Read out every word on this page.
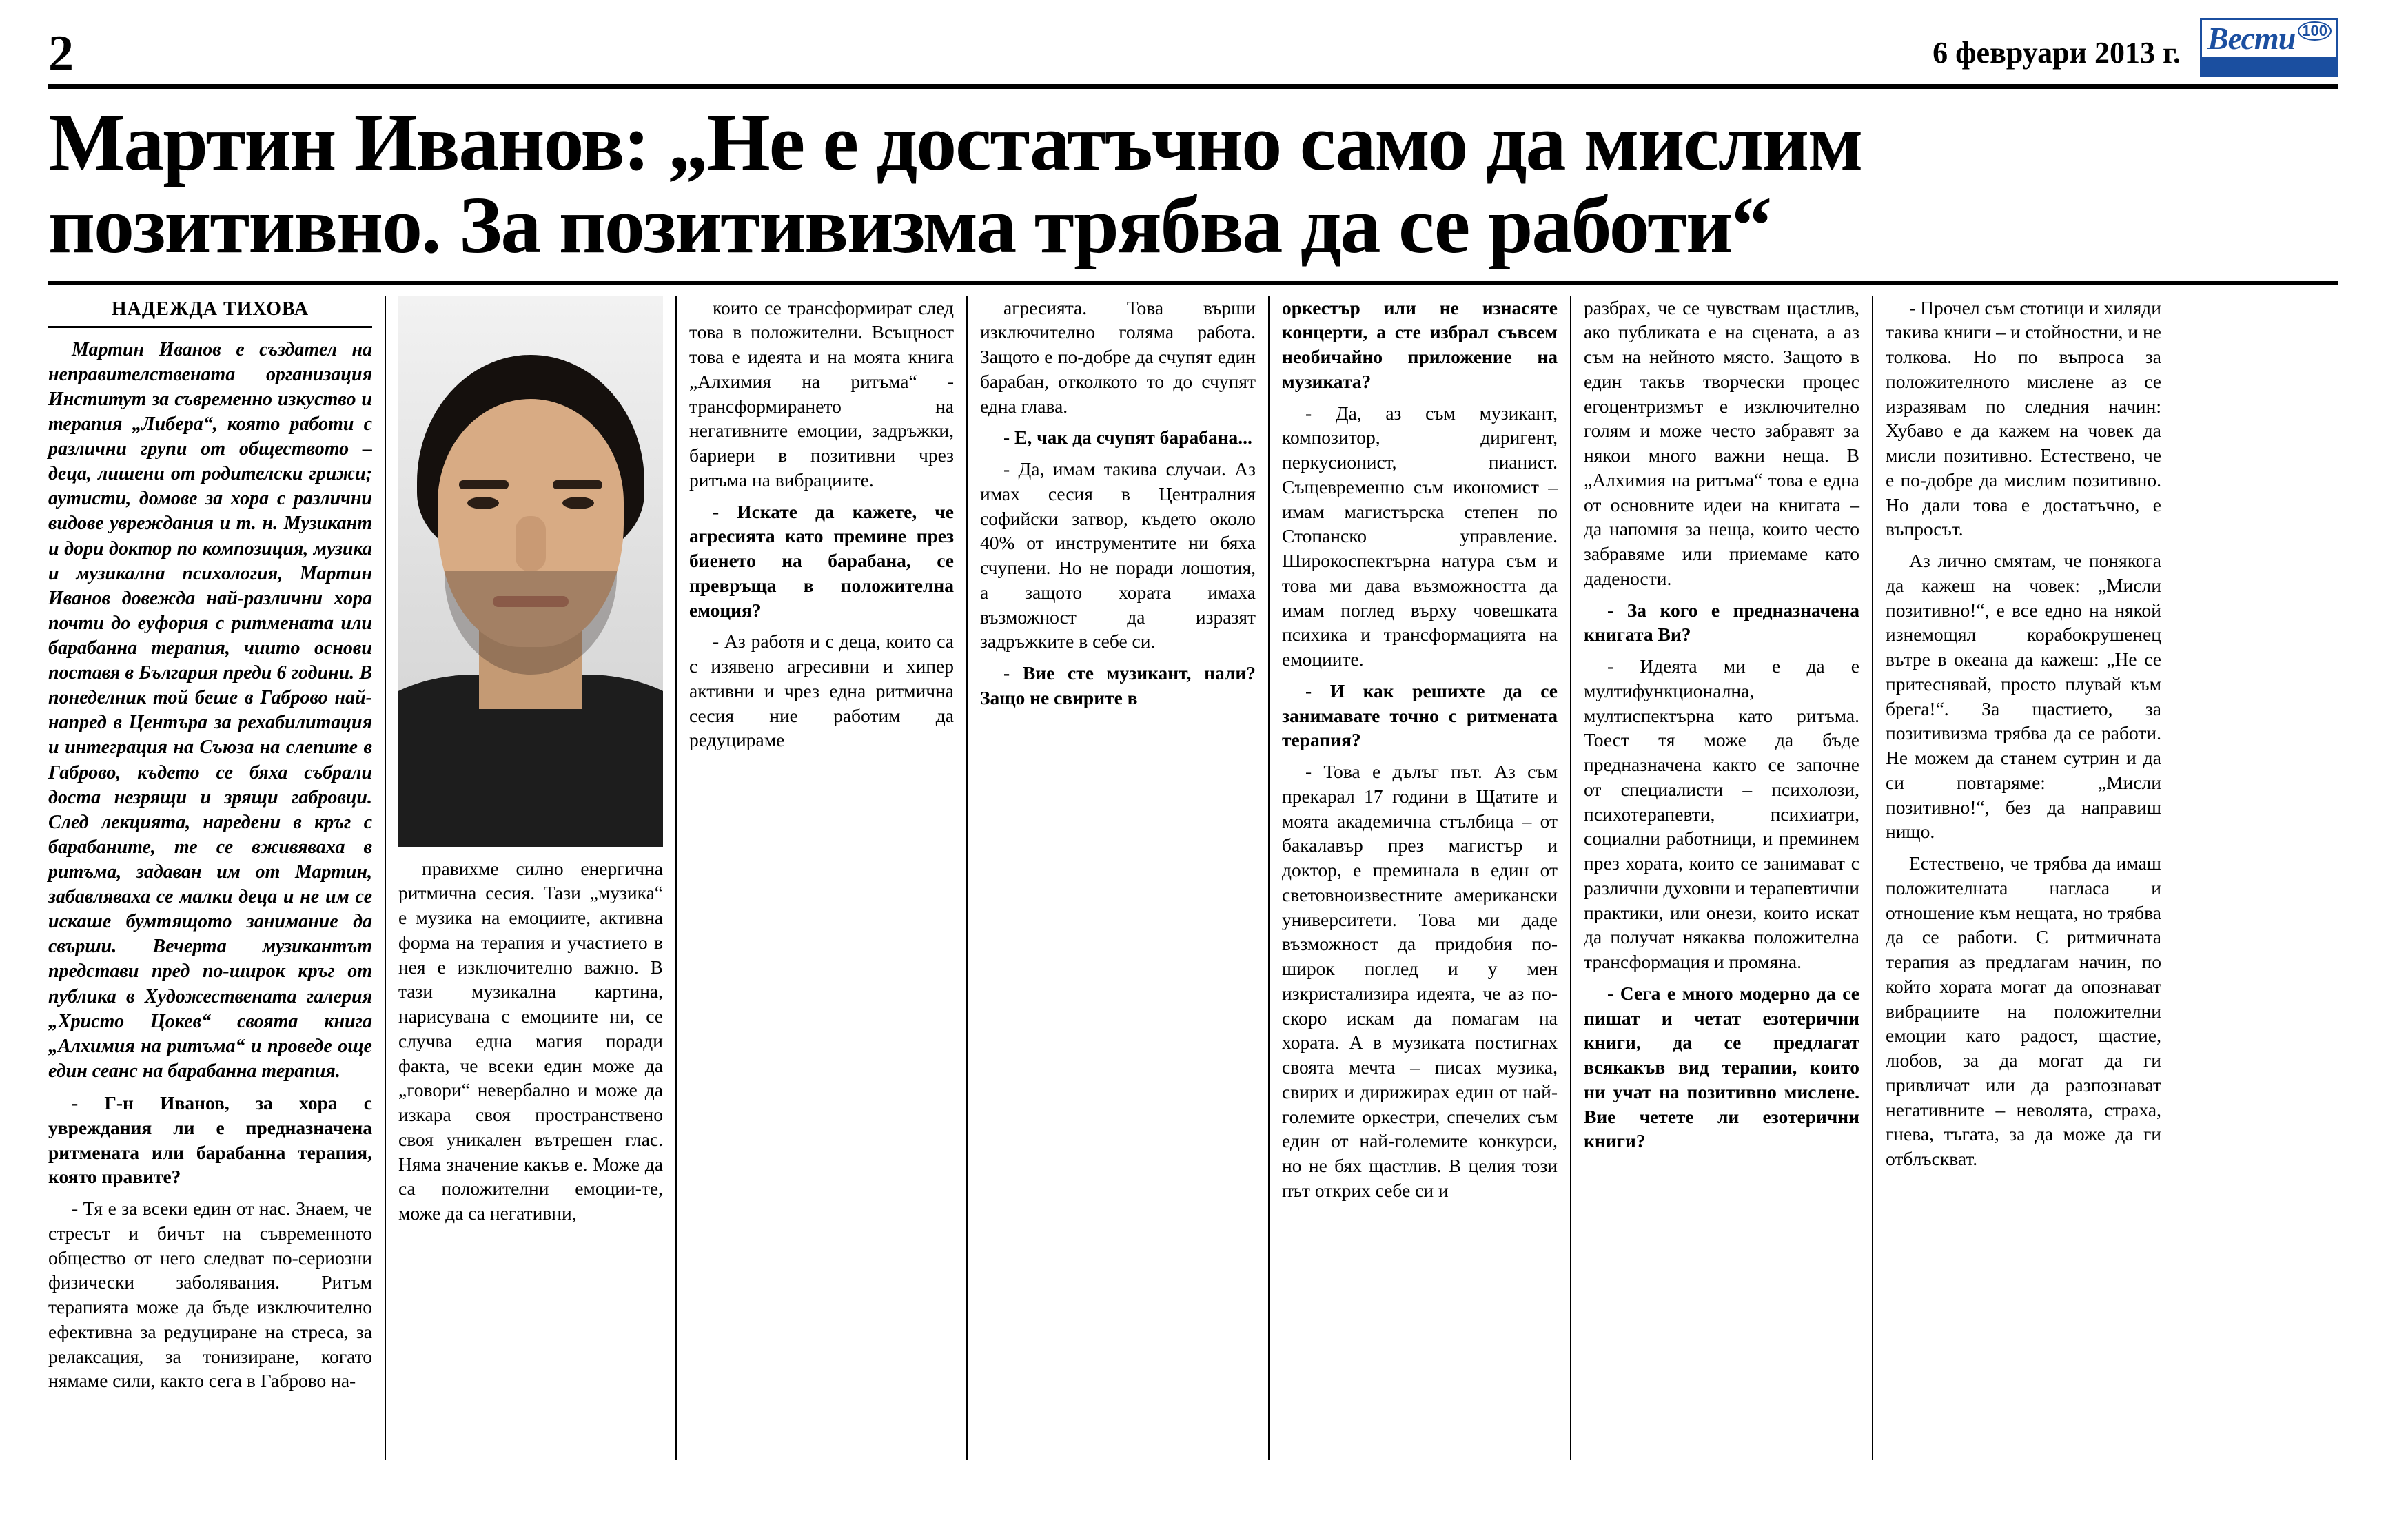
2	6 февруари 2013 г. Вести 100
Мартин Иванов: „Не е достатъчно само да мислим
позитивно. За позитивизма трябва да се работи“
НАДЕЖДА ТИХОВА

Мартин Иванов е създател на неправителствената организация Институт за съвременно изкуство и терапия „Либера“, която работи с различни групи от обществото – деца, лишени от родителски грижи; аутисти, домове за хора с различни видове увреждания и т. н. Музикант и дори доктор по композиция, музика и музикална психология, Мартин Иванов довежда най-различни хора почти до еуфория с ритмената или барабанна терапия, чиито основи поставя в България преди 6 години. В понеделник той беше в Габрово най-напред в Центъра за рехабилитация и интеграция на Съюза на слепите в Габрово, където се бяха събрали доста незрящи и зрящи габровци. След лекцията, наредени в кръг с барабаните, те се вживяваха в ритъма, задаван им от Мартин, забавляваха се малки деца и не им се искаше бумтящото занимание да свърши. Вечерта музикантът представи пред по-широк кръг от публика в Художествената галерия „Христо Цокев“ своята книга „Алхимия на ритъма“ и проведе още един сеанс на барабанна терапия.

- Г-н Иванов, за хора с увреждания ли е предназначена ритмената или барабанна терапия, която правите?

- Тя е за всеки един от нас. Знаем, че стресът и бичът на съвременното общество от него следват по-сериозни физически заболявания. Ритъм терапията може да бъде изключително ефективна за редуциране на стреса, за релаксация, за тонизиране, когато нямаме сили, както сега в Габрово на-

правихме силно енергична ритмична сесия. Тази „музика“ е музика на емоциите, активна форма на терапия и участието в нея е изключително важно. В тази музикална картина, нарисувана с емоциите ни, се случва една магия поради факта, че всеки един може да „говори“ невербално и може да изкара своя пространствено своя уникален вътрешен глас. Няма значение какъв е. Може да са положителни емоции-те, може да са негативни,

които се трансформират след това в положителни. Всъщност това е идеята и на моята книга „Алхимия на ритъма“ - трансформирането на негативните емоции, задръжки, бариери в позитивни чрез ритъма на вибрациите.

- Искате да кажете, че агресията като премине през биенето на барабана, се превръща в положителна емоция?

- Аз работя и с деца, които са с изявено агресивни и хипер активни и чрез една ритмична сесия ние работим да редуцираме

агресията. Това върши изключително голяма работа. Защото е по-добре да счупят един барабан, отколкото то до счупят една глава.

- Е, чак да счупят барабана...

- Да, имам такива случаи. Аз имах сесия в Централния софийски затвор, където около 40% от инструментите ни бяха счупени. Но не поради лошотия, а защото хората имаха възможност да изразят задръжките в себе си.

- Вие сте музикант, нали? Защо не свирите в

оркестър или не изнасяте концерти, а сте избрал съвсем необичайно приложение на музиката?

- Да, аз съм музикант, композитор, диригент, перкусионист, пианист. Същевременно съм икономист – имам магистърска степен по Стопанско управление. Широкоспектърна натура съм и това ми дава възможността да имам поглед върху човешката психика и трансформацията на емоциите.

- И как решихте да се занимавате точно с ритмената терапия?

- Това е дълъг път. Аз съм прекарал 17 години в Щатите и моята академична стълбица – от бакалавър през магистър и доктор, е преминала в един от световноизвестните американски университети. Това ми даде възможност да придобия по-широк поглед и у мен изкристализира идеята, че аз по-скоро искам да помагам на хората. А в музиката постигнах своята мечта – писах музика, свирих и дирижирах един от най-големите оркестри, спечелих съм един от най-големите конкурси, но не бях щастлив. В целия този път открих себе си и

разбрах, че се чувствам щастлив, ако публиката е на сцената, а аз съм на нейното място. Защото в един такъв творчески процес егоцентризмът е изключително голям и може често забравят за някои много важни неща. В „Алхимия на ритъма“ това е една от основните идеи на книгата – да напомня за неща, които често забравяме или приемаме като дадености.

- За кого е предназначена книгата Ви?

- Идеята ми е да е мултифункционална, мултиспектърна като ритъма. Тоест тя може да бъде предназначена както се започне от специалисти – психолози, психотерапевти, психиатри, социални работници, и преминем през хората, които се занимават с различни духовни и терапевтични практики, или онези, които искат да получат някаква положителна трансформация и промяна.

- Сега е много модерно да се пишат и четат езотерични книги, да се предлагат всякакъв вид терапии, които ни учат на позитивно мислене. Вие четете ли езотерични книги?

- Прочел съм стотици и хиляди такива книги – и стойностни, и не толкова. Но по въпроса за положителното мислене аз се изразявам по следния начин: Хубаво е да кажем на човек да мисли позитивно. Естествено, че е по-добре да мислим позитивно. Но дали това е достатъчно, е въпросът.

Аз лично смятам, че понякога да кажеш на човек: „Мисли позитивно!“, е все едно на някой изнемощял корабокрушенец вътре в океана да кажеш: „Не се притеснявай, просто плувай към брега!“. За щастието, за позитивизма трябва да се работи. Не можем да станем сутрин и да си повтаряме: „Мисли позитивно!“, без да направиш нищо.

Естествено, че трябва да имаш положителната нагласа и отношение към нещата, но трябва да се работи. С ритмичната терапия аз предлагам начин, по който хората могат да опознават вибрациите на положителни емоции като радост, щастие, любов, за да могат да ги привличат или да разпознават негативните – неволята, страха, гнева, тъгата, за да може да ги отблъскват.
